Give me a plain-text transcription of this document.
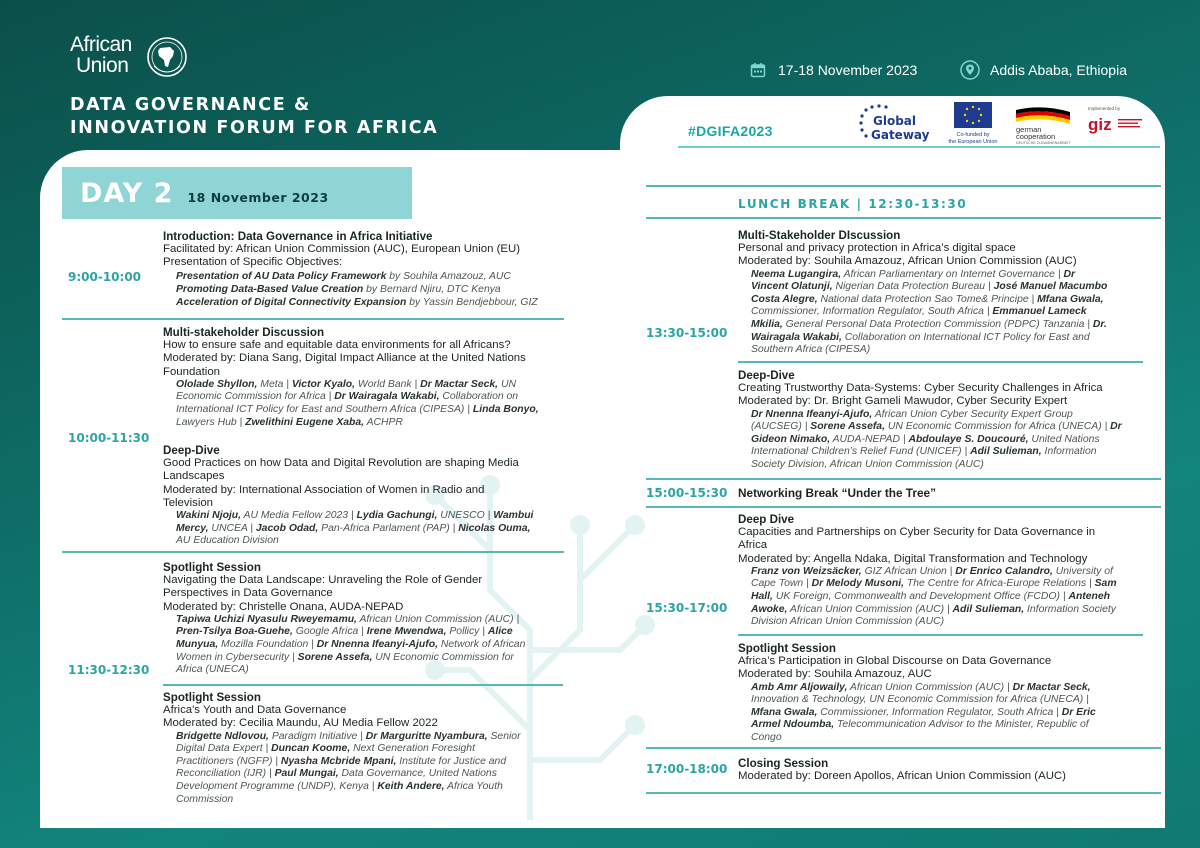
African
Union
DATA GOVERNANCE &
INNOVATION FORUM FOR AFRICA
17-18 November 2023	Addis Ababa, Ethiopia
#DGIFA2023
Global
Gateway	Co-funded by
the European Union
german
cooperation
DEUTSCHE ZUSAMMENARBEIT
Implemented by
giz
DAY 2 18 November 2023
9:00-10:00
Introduction: Data Governance in Africa Initiative
Facilitated by: African Union Commission (AUC), European Union (EU)
Presentation of Specific Objectives:
Presentation of AU Data Policy Framework by Souhila Amazouz, AUC
Promoting Data-Based Value Creation by Bernard Njiru, DTC Kenya
Acceleration of Digital Connectivity Expansion by Yassin Bendjebbour, GIZ
10:00-11:30
Multi-stakeholder Discussion
How to ensure safe and equitable data environments for all Africans?
Moderated by: Diana Sang, Digital Impact Alliance at the United Nations
Foundation
Ololade Shyllon, Meta | Victor Kyalo, World Bank | Dr Mactar Seck, UN
Economic Commission for Africa | Dr Wairagala Wakabi, Collaboration on
International ICT Policy for East and Southern Africa (CIPESA) | Linda Bonyo,
Lawyers Hub | Zwelithini Eugene Xaba, ACHPR
Deep-Dive
Good Practices on how Data and Digital Revolution are shaping Media
Landscapes
Moderated by: International Association of Women in Radio and
Television
Wakini Njoju, AU Media Fellow 2023 | Lydia Gachungi, UNESCO | Wambui
Mercy, UNCEA | Jacob Odad, Pan-Africa Parlament (PAP) | Nicolas Ouma,
AU Education Division
11:30-12:30
Spotlight Session
Navigating the Data Landscape: Unraveling the Role of Gender
Perspectives in Data Governance
Moderated by: Christelle Onana, AUDA-NEPAD
Tapiwa Uchizi Nyasulu Rweyemamu, African Union Commission (AUC) |
Pren-Tsilya Boa-Guehe, Google Africa | Irene Mwendwa, Pollicy | Alice
Munyua, Mozilla Foundation | Dr Nnenna Ifeanyi-Ajufo, Network of African
Women in Cybersecurity | Sorene Assefa, UN Economic Commission for
Africa (UNECA)
Spotlight Session
Africa's Youth and Data Governance
Moderated by: Cecilia Maundu, AU Media Fellow 2022
Bridgette Ndlovou, Paradigm Initiative | Dr Marguritte Nyambura, Senior
Digital Data Expert | Duncan Koome, Next Generation Foresight
Practitioners (NGFP) | Nyasha Mcbride Mpani, Institute for Justice and
Reconciliation (IJR) | Paul Mungai, Data Governance, United Nations
Development Programme (UNDP), Kenya | Keith Andere, Africa Youth
Commission
LUNCH BREAK | 12:30-13:30
13:30-15:00
Multi-Stakeholder DIscussion
Personal and privacy protection in Africa’s digital space
Moderated by: Souhila Amazouz, African Union Commission (AUC)
Neema Lugangira, African Parliamentary on Internet Governance | Dr
Vincent Olatunji, Nigerian Data Protection Bureau | José Manuel Macumbo
Costa Alegre, National data Protection Sao Tome& Principe | Mfana Gwala,
Commissioner, Information Regulator, South Africa | Emmanuel Lameck
Mkilia, General Personal Data Protection Commission (PDPC) Tanzania | Dr.
Wairagala Wakabi, Collaboration on International ICT Policy for East and
Southern Africa (CIPESA)
Deep-Dive
Creating Trustworthy Data-Systems: Cyber Security Challenges in Africa
Moderated by: Dr. Bright Gameli Mawudor, Cyber Security Expert
Dr Nnenna Ifeanyi-Ajufo, African Union Cyber Security Expert Group
(AUCSEG) | Sorene Assefa, UN Economic Commission for Africa (UNECA) | Dr
Gideon Nimako, AUDA-NEPAD | Abdoulaye S. Doucouré, United Nations
International Children’s Relief Fund (UNICEF) | Adil Sulieman, Information
Society Division, African Union Commission (AUC)
15:00-15:30 Networking Break “Under the Tree”
15:30-17:00
Deep Dive
Capacities and Partnerships on Cyber Security for Data Governance in
Africa
Moderated by: Angella Ndaka, Digital Transformation and Technology
Franz von Weizsäcker, GIZ African Union | Dr Enrico Calandro, University of
Cape Town | Dr Melody Musoni, The Centre for Africa-Europe Relations | Sam
Hall, UK Foreign, Commonwealth and Development Office (FCDO) | Anteneh
Awoke, African Union Commission (AUC) | Adil Sulieman, Information Society
Division African Union Commission (AUC)
Spotlight Session
Africa’s Participation in Global Discourse on Data Governance
Moderated by: Souhila Amazouz, AUC
Amb Amr Aljowaily, African Union Commission (AUC) | Dr Mactar Seck,
Innovation & Technology, UN Economic Commission for Africa (UNECA) |
Mfana Gwala, Commissioner, Information Regulator, South Africa | Dr Eric
Armel Ndoumba, Telecommunication Advisor to the Minister, Republic of
Congo
17:00-18:00 Closing Session
Moderated by: Doreen Apollos, African Union Commission (AUC)
